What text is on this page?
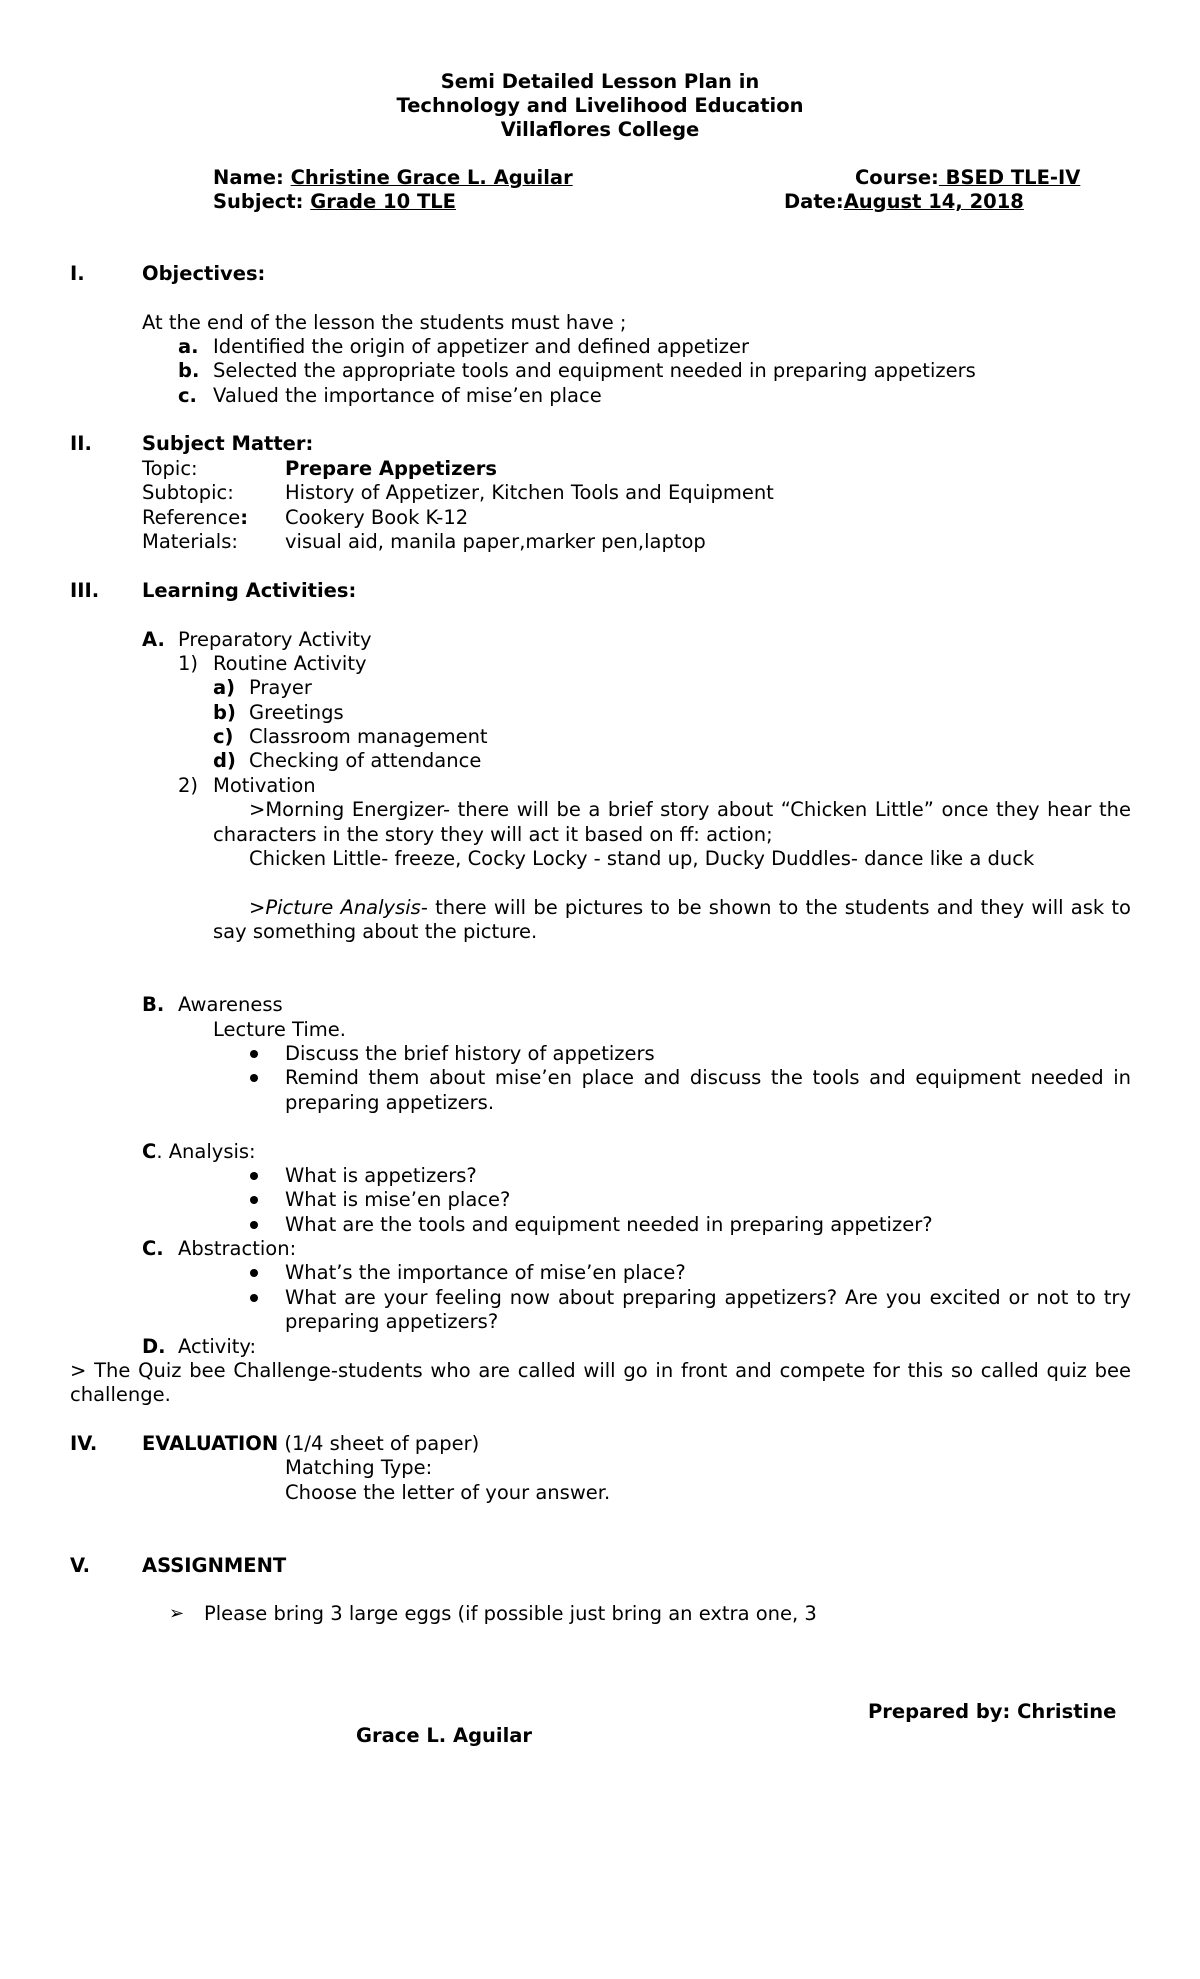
Semi Detailed Lesson Plan in
Technology and Livelihood Education
Villaflores College
Name: Christine Grace L. Aguilar	Course: BSED TLE-IV
Subject: Grade 10 TLE	Date:August 14, 2018
I.	Objectives:
At the end of the lesson the students must have ;
a. Identified the origin of appetizer and defined appetizer
b. Selected the appropriate tools and equipment needed in preparing appetizers
c. Valued the importance of mise’en place
II.	Subject Matter:
Topic:	Prepare Appetizers
Subtopic:	History of Appetizer, Kitchen Tools and Equipment
Reference: Cookery Book K-12
Materials: visual aid, manila paper,marker pen,laptop
III. Learning Activities:
A. Preparatory Activity
1) Routine Activity
a) Prayer
b) Greetings
c) Classroom management
d) Checking of attendance
2) Motivation
>Morning Energizer- there will be a brief story about “Chicken Little” once they hear the
characters in the story they will act it based on ff: action;
Chicken Little- freeze, Cocky Locky - stand up, Ducky Duddles- dance like a duck
>Picture Analysis- there will be pictures to be shown to the students and they will ask to
say something about the picture.
B. Awareness
Lecture Time.
Discuss the brief history of appetizers
Remind them about mise’en place and discuss the tools and equipment needed in
preparing appetizers.
C. Analysis:
What is appetizers?
What is mise’en place?
What are the tools and equipment needed in preparing appetizer?
C. Abstraction:
What’s the importance of mise’en place?
What are your feeling now about preparing appetizers? Are you excited or not to try
preparing appetizers?
D. Activity:
> The Quiz bee Challenge-students who are called will go in front and compete for this so called quiz bee
challenge.
IV. EVALUATION (1/4 sheet of paper)
Matching Type:
Choose the letter of your answer.
V.	ASSIGNMENT
➢ Please bring 3 large eggs (if possible just bring an extra one, 3
Prepared by: Christine
Grace L. Aguilar
